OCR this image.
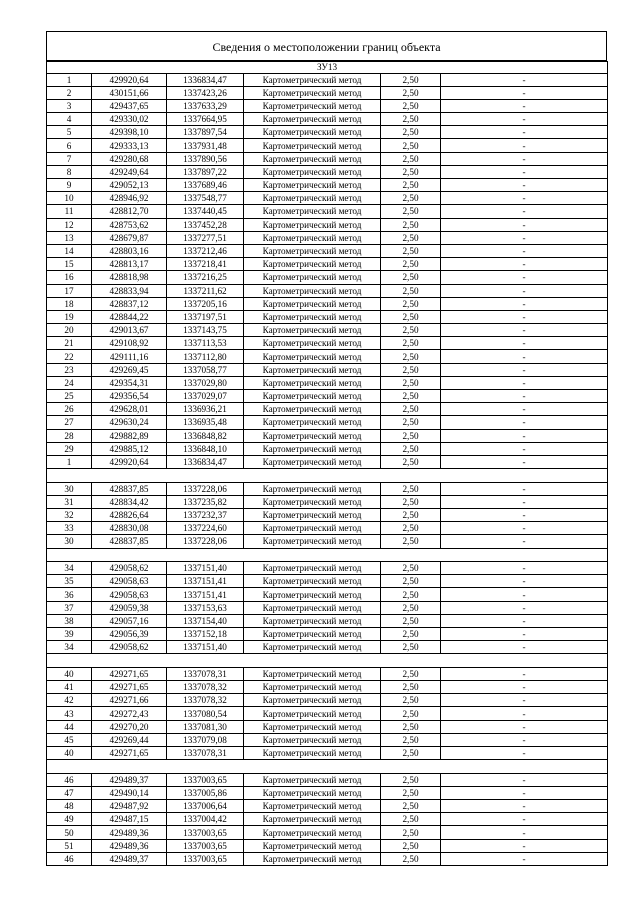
Сведения о местоположении границ объекта
ЗУ13					
1	429920,64	1336834,47	Картометрический метод	2,50	-
2	430151,66	1337423,26	Картометрический метод	2,50	-
3	429437,65	1337633,29	Картометрический метод	2,50	-
4	429330,02	1337664,95	Картометрический метод	2,50	-
5	429398,10	1337897,54	Картометрический метод	2,50	-
6	429333,13	1337931,48	Картометрический метод	2,50	-
7	429280,68	1337890,56	Картометрический метод	2,50	-
8	429249,64	1337897,22	Картометрический метод	2,50	-
9	429052,13	1337689,46	Картометрический метод	2,50	-
10	428946,92	1337548,77	Картометрический метод	2,50	-
11	428812,70	1337440,45	Картометрический метод	2,50	-
12	428753,62	1337452,28	Картометрический метод	2,50	-
13	428679,87	1337277,51	Картометрический метод	2,50	-
14	428803,16	1337212,46	Картометрический метод	2,50	-
15	428813,17	1337218,41	Картометрический метод	2,50	-
16	428818,98	1337216,25	Картометрический метод	2,50	-
17	428833,94	1337211,62	Картометрический метод	2,50	-
18	428837,12	1337205,16	Картометрический метод	2,50	-
19	428844,22	1337197,51	Картометрический метод	2,50	-
20	429013,67	1337143,75	Картометрический метод	2,50	-
21	429108,92	1337113,53	Картометрический метод	2,50	-
22	429111,16	1337112,80	Картометрический метод	2,50	-
23	429269,45	1337058,77	Картометрический метод	2,50	-
24	429354,31	1337029,80	Картометрический метод	2,50	-
25	429356,54	1337029,07	Картометрический метод	2,50	-
26	429628,01	1336936,21	Картометрический метод	2,50	-
27	429630,24	1336935,48	Картометрический метод	2,50	-
28	429882,89	1336848,82	Картометрический метод	2,50	-
29	429885,12	1336848,10	Картометрический метод	2,50	-
1	429920,64	1336834,47	Картометрический метод	2,50	-

30	428837,85	1337228,06	Картометрический метод	2,50	-
31	428834,42	1337235,82	Картометрический метод	2,50	-
32	428826,64	1337232,37	Картометрический метод	2,50	-
33	428830,08	1337224,60	Картометрический метод	2,50	-
30	428837,85	1337228,06	Картометрический метод	2,50	-

34	429058,62	1337151,40	Картометрический метод	2,50	-
35	429058,63	1337151,41	Картометрический метод	2,50	-
36	429058,63	1337151,41	Картометрический метод	2,50	-
37	429059,38	1337153,63	Картометрический метод	2,50	-
38	429057,16	1337154,40	Картометрический метод	2,50	-
39	429056,39	1337152,18	Картометрический метод	2,50	-
34	429058,62	1337151,40	Картометрический метод	2,50	-

40	429271,65	1337078,31	Картометрический метод	2,50	-
41	429271,65	1337078,32	Картометрический метод	2,50	-
42	429271,66	1337078,32	Картометрический метод	2,50	-
43	429272,43	1337080,54	Картометрический метод	2,50	-
44	429270,20	1337081,30	Картометрический метод	2,50	-
45	429269,44	1337079,08	Картометрический метод	2,50	-
40	429271,65	1337078,31	Картометрический метод	2,50	-

46	429489,37	1337003,65	Картометрический метод	2,50	-
47	429490,14	1337005,86	Картометрический метод	2,50	-
48	429487,92	1337006,64	Картометрический метод	2,50	-
49	429487,15	1337004,42	Картометрический метод	2,50	-
50	429489,36	1337003,65	Картометрический метод	2,50	-
51	429489,36	1337003,65	Картометрический метод	2,50	-
46	429489,37	1337003,65	Картометрический метод	2,50	-
